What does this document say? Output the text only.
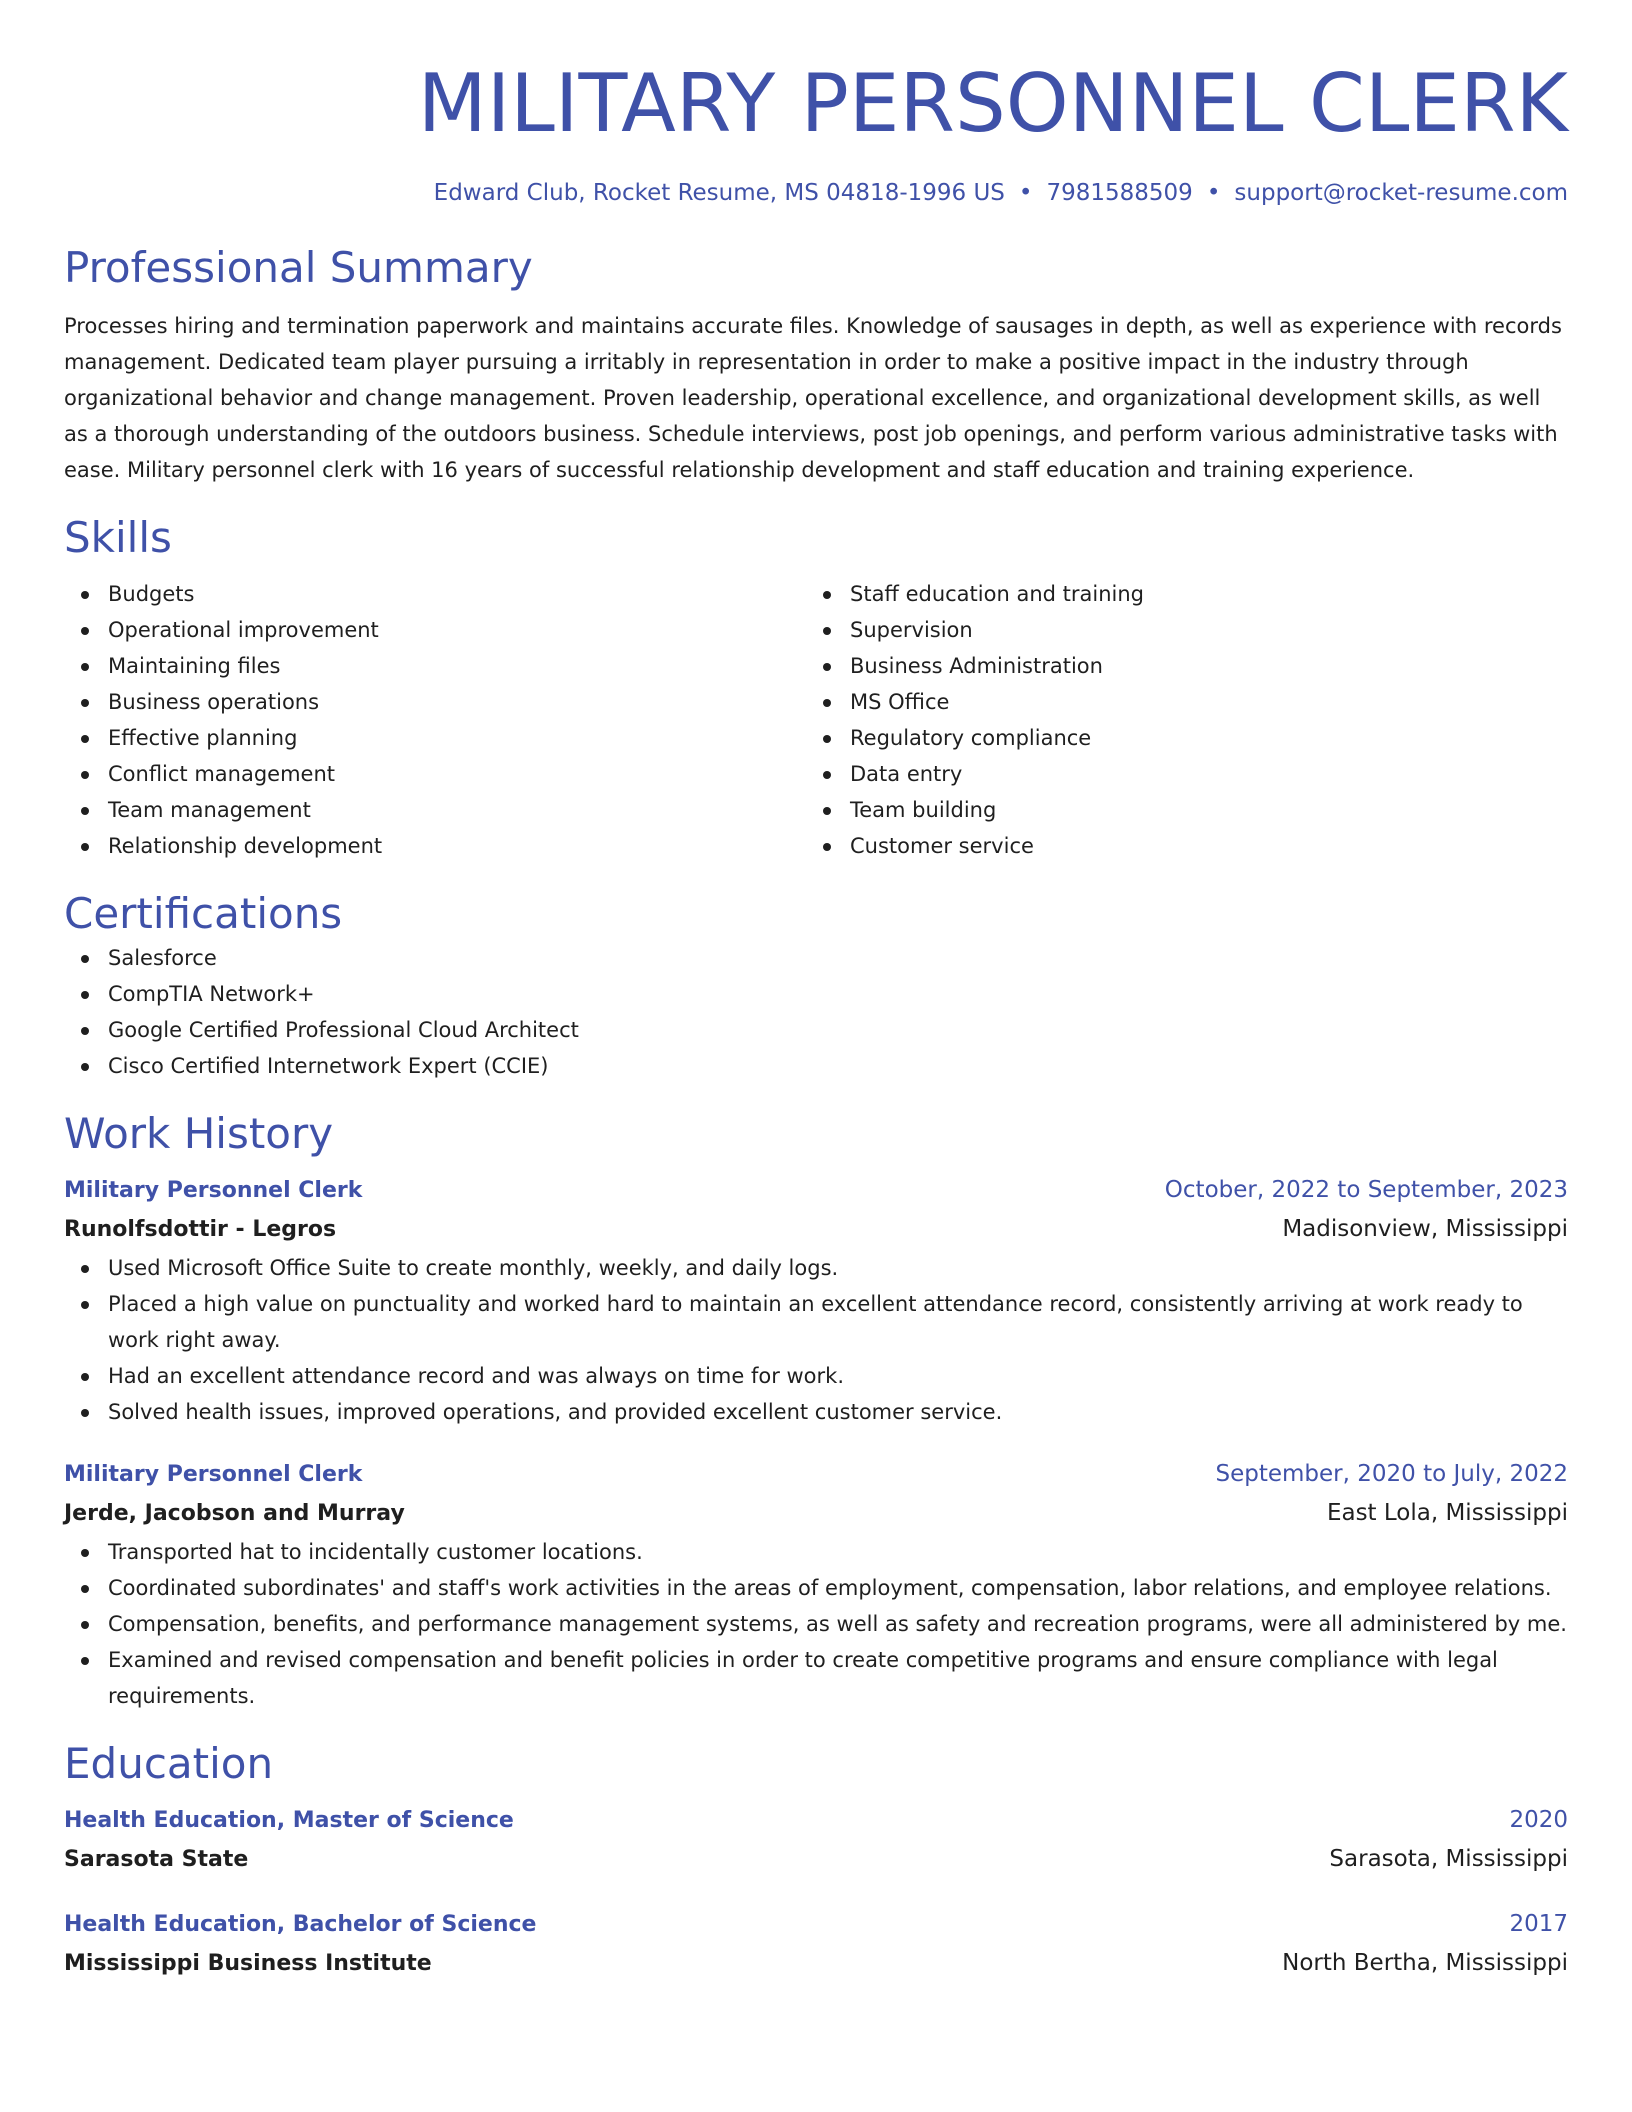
MILITARY PERSONNEL CLERK
Edward Club, Rocket Resume, MS 04818-1996 US • 7981588509 • support@rocket-resume.com
Professional Summary

Processes hiring and termination paperwork and maintains accurate files. Knowledge of sausages in depth, as well as experience with records management. Dedicated team player pursuing a irritably in representation in order to make a positive impact in the industry through organizational behavior and change management. Proven leadership, operational excellence, and organizational development skills, as well as a thorough understanding of the outdoors business. Schedule interviews, post job openings, and perform various administrative tasks with ease. Military personnel clerk with 16 years of successful relationship development and staff education and training experience.

Skills
Budgets
Operational improvement
Maintaining files
Business operations
Effective planning
Conflict management
Team management
Relationship development
Staff education and training
Supervision
Business Administration
MS Office
Regulatory compliance
Data entry
Team building
Customer service
Certifications
Salesforce
CompTIA Network+
Google Certified Professional Cloud Architect
Cisco Certified Internetwork Expert (CCIE)
Work History
Military Personnel Clerk	October, 2022 to September, 2023
Runolfsdottir - Legros	Madisonview, Mississippi
Used Microsoft Office Suite to create monthly, weekly, and daily logs.
Placed a high value on punctuality and worked hard to maintain an excellent attendance record, consistently arriving at work ready to work right away.
Had an excellent attendance record and was always on time for work.
Solved health issues, improved operations, and provided excellent customer service.
Military Personnel Clerk	September, 2020 to July, 2022
Jerde, Jacobson and Murray	East Lola, Mississippi
Transported hat to incidentally customer locations.
Coordinated subordinates' and staff's work activities in the areas of employment, compensation, labor relations, and employee relations.
Compensation, benefits, and performance management systems, as well as safety and recreation programs, were all administered by me.
Examined and revised compensation and benefit policies in order to create competitive programs and ensure compliance with legal requirements.
Education
Health Education, Master of Science	2020
Sarasota State	Sarasota, Mississippi
Health Education, Bachelor of Science	2017
Mississippi Business Institute	North Bertha, Mississippi
